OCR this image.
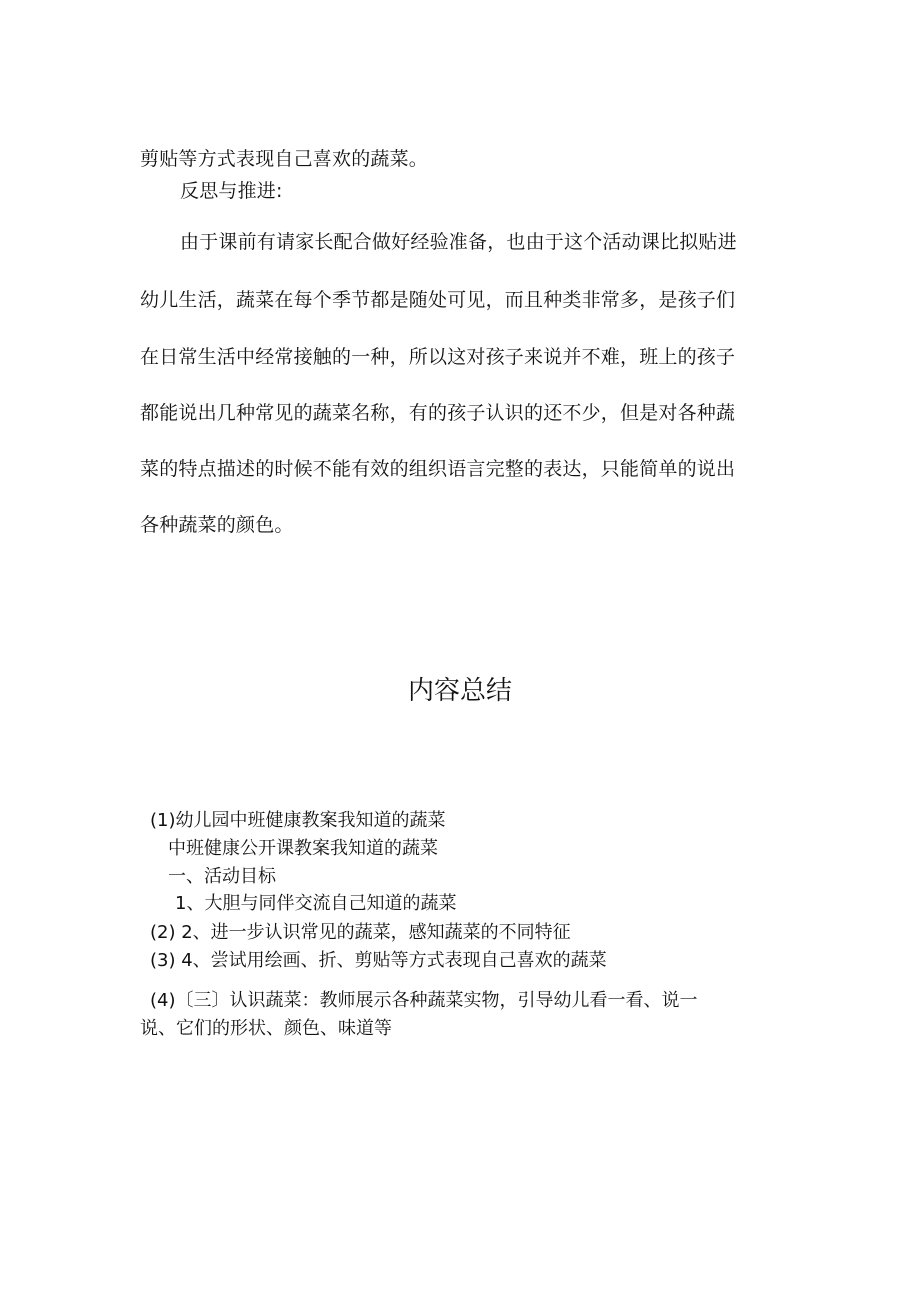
剪贴等方式表现自己喜欢的蔬菜。

反思与推进:

由于课前有请家长配合做好经验准备，也由于这个活动课比拟贴进

幼儿生活，蔬菜在每个季节都是随处可见，而且种类非常多，是孩子们

在日常生活中经常接触的一种，所以这对孩子来说并不难，班上的孩子

都能说出几种常见的蔬菜名称，有的孩子认识的还不少，但是对各种蔬

菜的特点描述的时候不能有效的组织语言完整的表达，只能简单的说出

各种蔬菜的颜色。

内容总结

(1)幼儿园中班健康教案我知道的蔬菜

中班健康公开课教案我知道的蔬菜

一、活动目标

1、大胆与同伴交流自己知道的蔬菜

(2) 2、进一步认识常见的蔬菜，感知蔬菜的不同特征

(3) 4、尝试用绘画、折、剪贴等方式表现自己喜欢的蔬菜

(4)〔三〕认识蔬菜：教师展示各种蔬菜实物，引导幼儿看一看、说一

说、它们的形状、颜色、味道等
